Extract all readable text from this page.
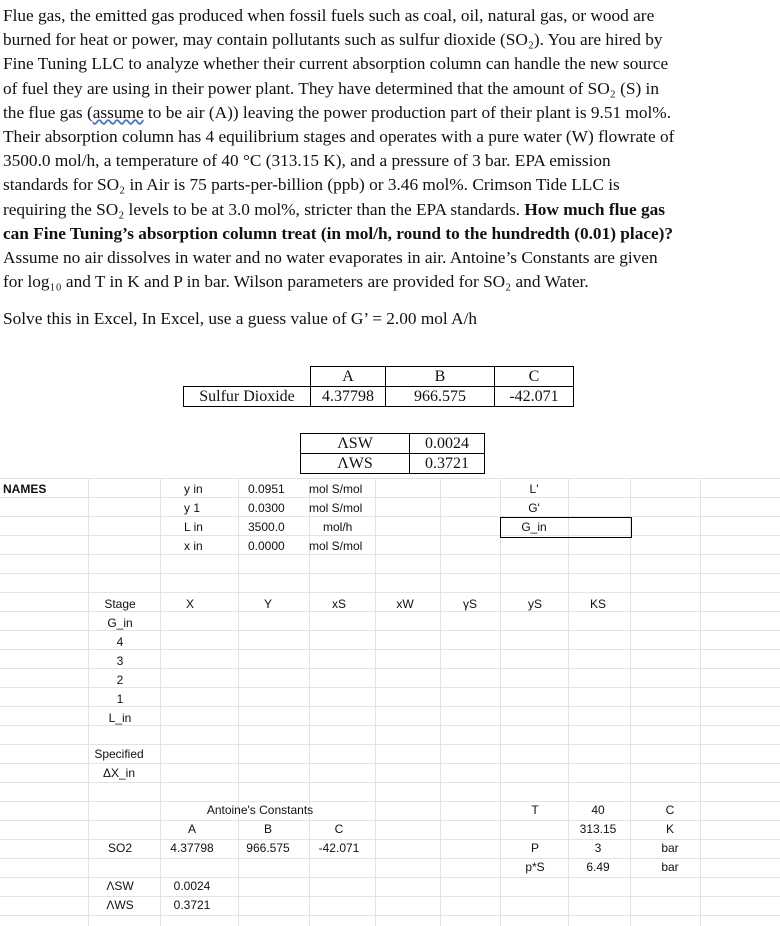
Flue gas, the emitted gas produced when fossil fuels such as coal, oil, natural gas, or wood are
burned for heat or power, may contain pollutants such as sulfur dioxide (SO₂). You are hired by
Fine Tuning LLC to analyze whether their current absorption column can handle the new source
of fuel they are using in their power plant. They have determined that the amount of SO₂ (S) in
the flue gas (assume to be air (A)) leaving the power production part of their plant is 9.51 mol%.
Their absorption column has 4 equilibrium stages and operates with a pure water (W) flowrate of
3500.0 mol/h, a temperature of 40 °C (313.15 K), and a pressure of 3 bar. EPA emission
standards for SO₂ in Air is 75 parts-per-billion (ppb) or 3.46 mol%. Crimson Tide LLC is
requiring the SO₂ levels to be at 3.0 mol%, stricter than the EPA standards. How much flue gas
can Fine Tuning’s absorption column treat (in mol/h, round to the hundredth (0.01) place)?
Assume no air dissolves in water and no water evaporates in air. Antoine’s Constants are given
for log₁₀ and T in K and P in bar. Wilson parameters are provided for SO₂ and Water.
Solve this in Excel, In Excel, use a guess value of G’ = 2.00 mol A/h
	A	B	C
Sulfur Dioxide	4.37798	966.575	-42.071
ΛSW	0.0024
ΛWS	0.3721
NAMES	y in	0.0951 mol S/mol
y 1	0.0300 mol S/mol
L in	3500.0	mol/h
x in	0.0000 mol S/mol
L'
G'
G_in
Stage	X	Y	xS	xW	γS	yS	KS
G_in
4
3
2
1
L_in
Specified
ΔX_in
Antoine's Constants
A	B	C
SO2	4.37798	966.575	-42.071
T	40	C
313.15	K
P	3	bar
p*S	6.49	bar
ΛSW	0.0024
ΛWS	0.3721
